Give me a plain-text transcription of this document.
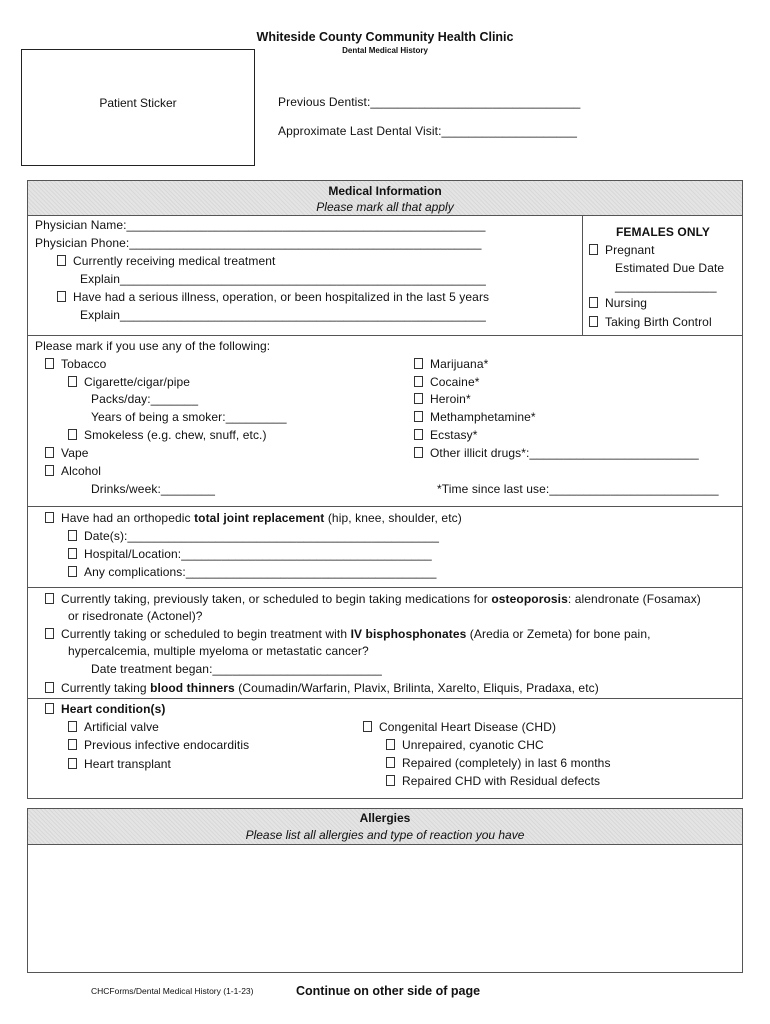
Whiteside County Community Health Clinic
Dental Medical History
Patient Sticker	Previous Dentist:_______________________________
Approximate Last Dental Visit:____________________
Medical Information
Please mark all that apply
Physician Name:_____________________________________________________
Physician Phone:____________________________________________________
Currently receiving medical treatment
Explain______________________________________________________
Have had a serious illness, operation, or been hospitalized in the last 5 years
Explain______________________________________________________
FEMALES ONLY
Pregnant
Estimated Due Date
_______________
Nursing
Taking Birth Control
Please mark if you use any of the following:
Tobacco
Cigarette/cigar/pipe
Packs/day:_______
Years of being a smoker:_________
Smokeless (e.g. chew, snuff, etc.)
Vape
Alcohol
Drinks/week:________
Marijuana*
Cocaine*
Heroin*
Methamphetamine*
Ecstasy*
Other illicit drugs*:_________________________
*Time since last use:_________________________
Have had an orthopedic total joint replacement (hip, knee, shoulder, etc)
Date(s):______________________________________________
Hospital/Location:_____________________________________
Any complications:_____________________________________
Currently taking, previously taken, or scheduled to begin taking medications for osteoporosis: alendronate (Fosamax)
or risedronate (Actonel)?
Currently taking or scheduled to begin treatment with IV bisphosphonates (Aredia or Zemeta) for bone pain,
hypercalcemia, multiple myeloma or metastatic cancer?
Date treatment began:_________________________
Currently taking blood thinners (Coumadin/Warfarin, Plavix, Brilinta, Xarelto, Eliquis, Pradaxa, etc)
Heart condition(s)
Artificial valve
Previous infective endocarditis
Heart transplant
Congenital Heart Disease (CHD)
Unrepaired, cyanotic CHC
Repaired (completely) in last 6 months
Repaired CHD with Residual defects
Allergies
Please list all allergies and type of reaction you have
CHCForms/Dental Medical History (1-1-23)	Continue on other side of page
